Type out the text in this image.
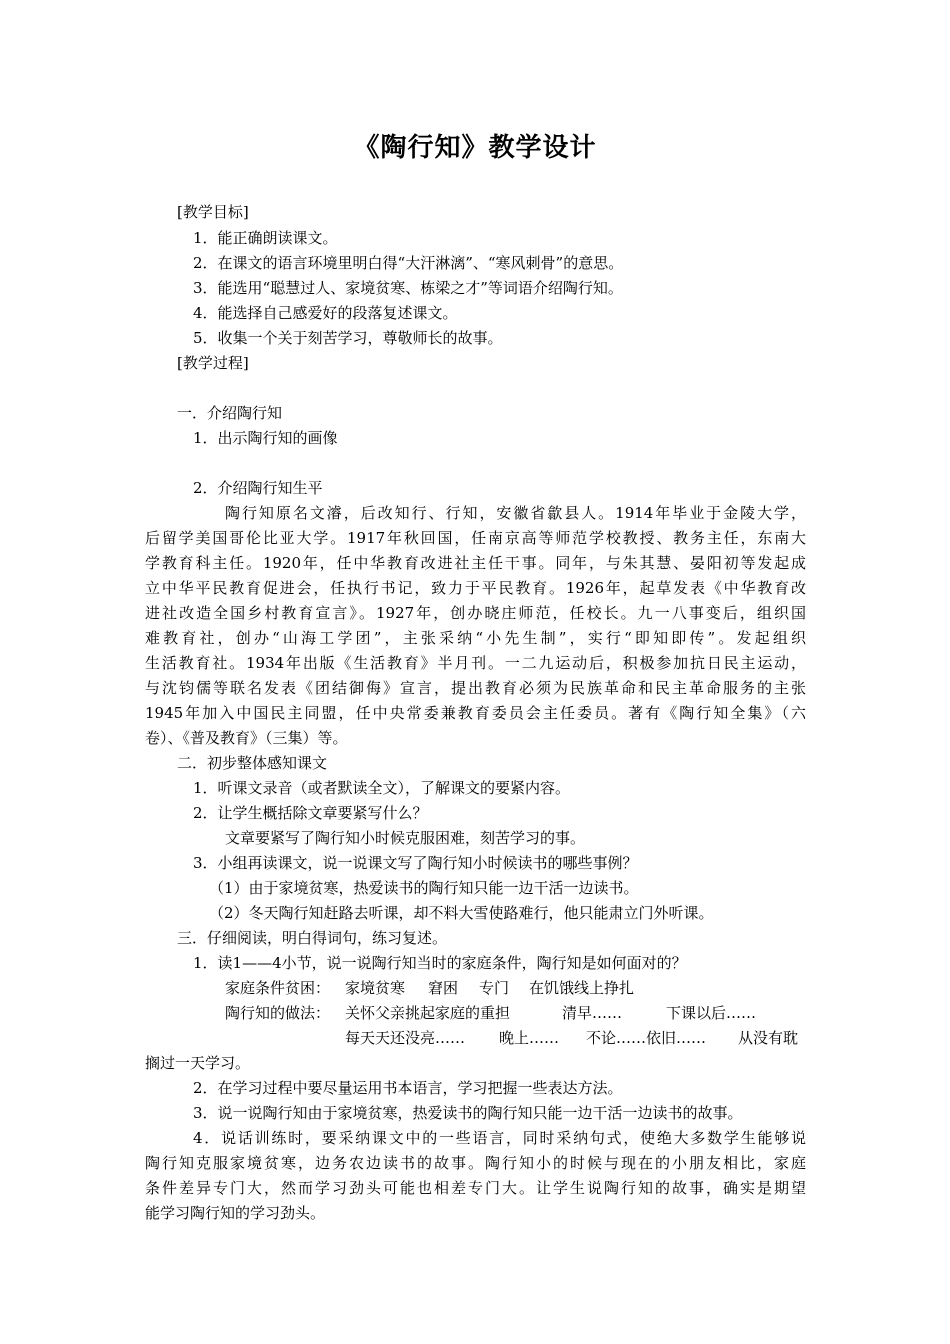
《陶行知》教学设计
[教学目标]
1．能正确朗读课文。
2．在课文的语言环境里明白得“大汗淋漓”、“寒风刺骨”的意思。
3．能选用“聪慧过人、家境贫寒、栋梁之才”等词语介绍陶行知。
4．能选择自己感爱好的段落复述课文。
5．收集一个关于刻苦学习，尊敬师长的故事。
[教学过程]
一．介绍陶行知
1．出示陶行知的画像
2．介绍陶行知生平
陶行知原名文濬，后改知行、行知，安徽省歙县人。1914年毕业于金陵大学，
后留学美国哥伦比亚大学。1917年秋回国，任南京高等师范学校教授、教务主任，东南大
学教育科主任。1920年，任中华教育改进社主任干事。同年，与朱其慧、晏阳初等发起成
立中华平民教育促进会，任执行书记，致力于平民教育。1926年，起草发表《中华教育改
进社改造全国乡村教育宣言》。1927年，创办晓庄师范，任校长。九一八事变后，组织国
难教育社，创办“山海工学团”，主张采纳“小先生制”，实行“即知即传”。发起组织
生活教育社。1934年出版《生活教育》半月刊。一二九运动后，积极参加抗日民主运动，
与沈钧儒等联名发表《团结御侮》宣言，提出教育必须为民族革命和民主革命服务的主张
1945年加入中国民主同盟，任中央常委兼教育委员会主任委员。著有《陶行知全集》（六
卷）、《普及教育》（三集）等。
二．初步整体感知课文
1．听课文录音（或者默读全文），了解课文的要紧内容。
2．让学生概括除文章要紧写什么？
文章要紧写了陶行知小时候克服困难，刻苦学习的事。
3．小组再读课文，说一说课文写了陶行知小时候读书的哪些事例？
（1）由于家境贫寒，热爱读书的陶行知只能一边干活一边读书。
（2）冬天陶行知赶路去听课，却不料大雪使路难行，他只能肃立门外听课。
三．仔细阅读，明白得词句，练习复述。
1．读1——4小节，说一说陶行知当时的家庭条件，陶行知是如何面对的？
家庭条件贫困： 家境贫寒 窘困 专门 在饥饿线上挣扎
陶行知的做法： 关怀父亲挑起家庭的重担	清早……	下课以后……
每天天还没亮…… 晚上…… 不论……依旧…… 从没有耽
搁过一天学习。
2．在学习过程中要尽量运用书本语言，学习把握一些表达方法。
3．说一说陶行知由于家境贫寒，热爱读书的陶行知只能一边干活一边读书的故事。
4．说话训练时，要采纳课文中的一些语言，同时采纳句式，使绝大多数学生能够说
陶行知克服家境贫寒，边务农边读书的故事。陶行知小的时候与现在的小朋友相比，家庭
条件差异专门大，然而学习劲头可能也相差专门大。让学生说陶行知的故事，确实是期望
能学习陶行知的学习劲头。
